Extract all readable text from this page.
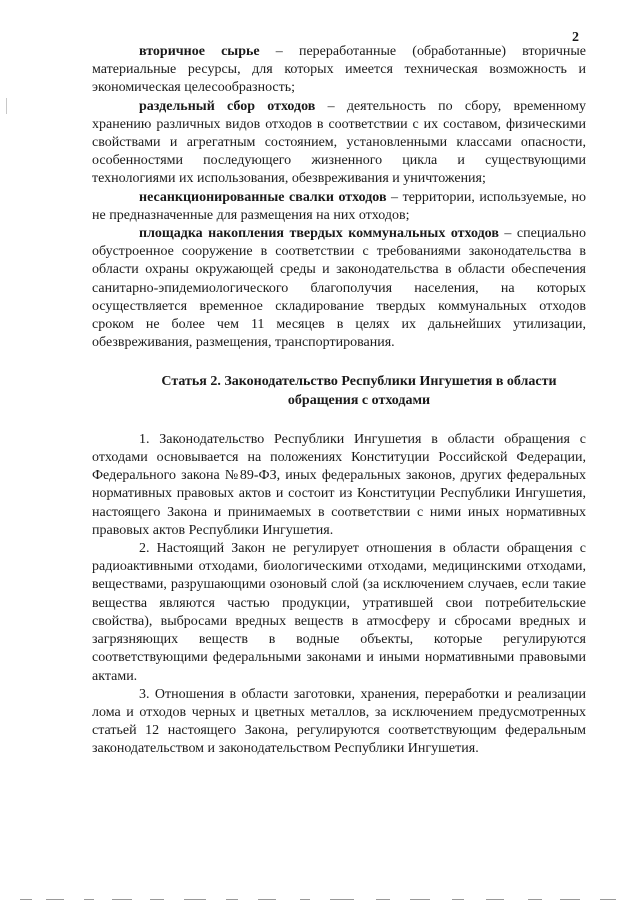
2

вторичное сырье – переработанные (обработанные) вторичные материальные ресурсы, для которых имеется техническая возможность и экономическая целесообразность;

раздельный сбор отходов – деятельность по сбору, временному хранению различных видов отходов в соответствии с их составом, физическими свойствами и агрегатным состоянием, установленными классами опасности, особенностями последующего жизненного цикла и существующими технологиями их использования, обезвреживания и уничтожения;

несанкционированные свалки отходов – территории, используемые, но не предназначенные для размещения на них отходов;

площадка накопления твердых коммунальных отходов – специально обустроенное сооружение в соответствии с требованиями законодательства в области охраны окружающей среды и законодательства в области обеспечения санитарно-эпидемиологического благополучия населения, на которых осуществляется временное складирование твердых коммунальных отходов сроком не более чем 11 месяцев в целях их дальнейших утилизации, обезвреживания, размещения, транспортирования.

Статья 2. Законодательство Республики Ингушетия в области
обращения с отходами

1. Законодательство Республики Ингушетия в области обращения с отходами основывается на положениях Конституции Российской Федерации, Федерального закона №89-ФЗ, иных федеральных законов, других федеральных нормативных правовых актов и состоит из Конституции Республики Ингушетия, настоящего Закона и принимаемых в соответствии с ними иных нормативных правовых актов Республики Ингушетия.

2. Настоящий Закон не регулирует отношения в области обращения с радиоактивными отходами, биологическими отходами, медицинскими отходами, веществами, разрушающими озоновый слой (за исключением случаев, если такие вещества являются частью продукции, утратившей свои потребительские свойства), выбросами вредных веществ в атмосферу и сбросами вредных и загрязняющих веществ в водные объекты, которые регулируются соответствующими федеральными законами и иными нормативными правовыми актами.

3. Отношения в области заготовки, хранения, переработки и реализации лома и отходов черных и цветных металлов, за исключением предусмотренных статьей 12 настоящего Закона, регулируются соответствующим федеральным законодательством и законодательством Республики Ингушетия.
